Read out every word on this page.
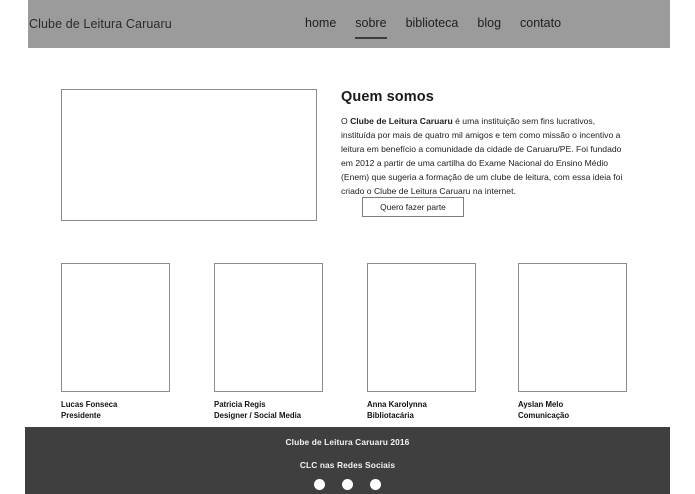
Clube de Leitura Caruaru	home sobre biblioteca blog contato
Quem somos

O Clube de Leitura Caruaru é uma instituição sem fins lucrativos, instituída por mais de quatro mil amigos e tem como missão o incentivo a leitura em benefício a comunidade da cidade de Caruaru/PE. Foi fundado em 2012 a partir de uma cartilha do Exame Nacional do Ensino Médio (Enem) que sugeria a formação de um clube de leitura, com essa ideia foi criado o Clube de Leitura Caruaru na internet.

Quero fazer parte
Lucas Fonseca
Presidente
Patricia Regis
Designer / Social Media
Anna Karolynna
Bibliotacária
Ayslan Melo
Comunicação
Clube de Leitura Caruaru 2016
CLC nas Redes Sociais
